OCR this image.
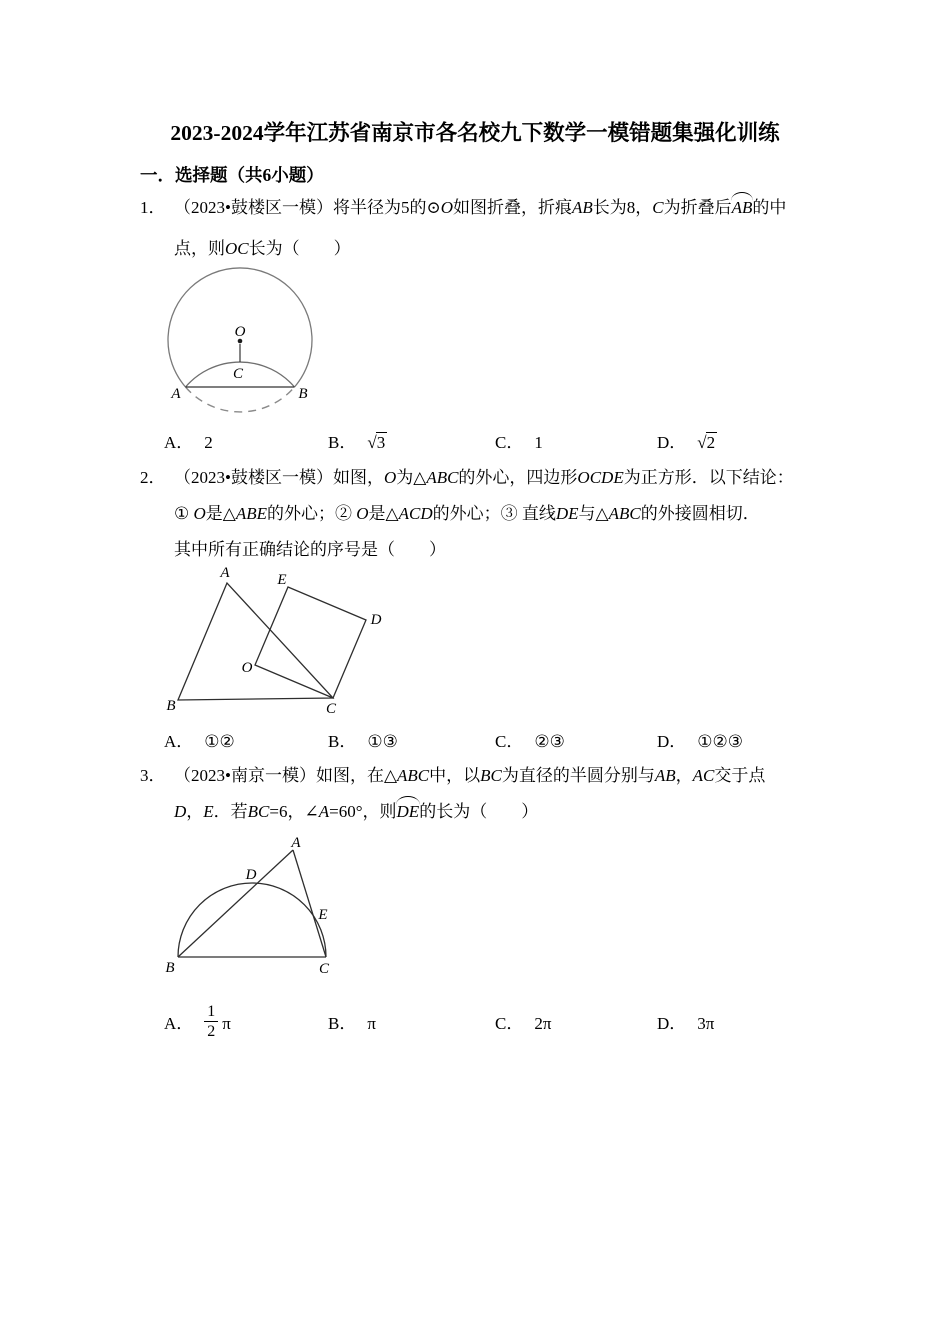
2023-2024学年江苏省南京市各名校九下数学一模错题集强化训练
一．选择题（共6小题）
1． （2023•鼓楼区一模）将半径为5的⊙O如图折叠，折痕AB长为8，C为折叠后AB的中
点，则OC长为（　　）
O
C
A	B
A． 2	B． √3	C． 1	D． √2
2． （2023•鼓楼区一模）如图，O为△ABC的外心，四边形OCDE为正方形．以下结论：
① O是△ABE的外心；② O是△ACD的外心；③ 直线DE与△ABC的外接圆相切．
其中所有正确结论的序号是（　　）
A	E
D
O
B	C
A． ①②	B． ①③	C． ②③	D． ①②③
3． （2023•南京一模）如图，在△ABC中，以BC为直径的半圆分别与AB，AC交于点
D，E．若BC=6，∠A=60°，则DE的长为（　　）
A
D
E
B	C
A． $\frac{1}{2}$ π	B． π	C． 2π	D． 3π
